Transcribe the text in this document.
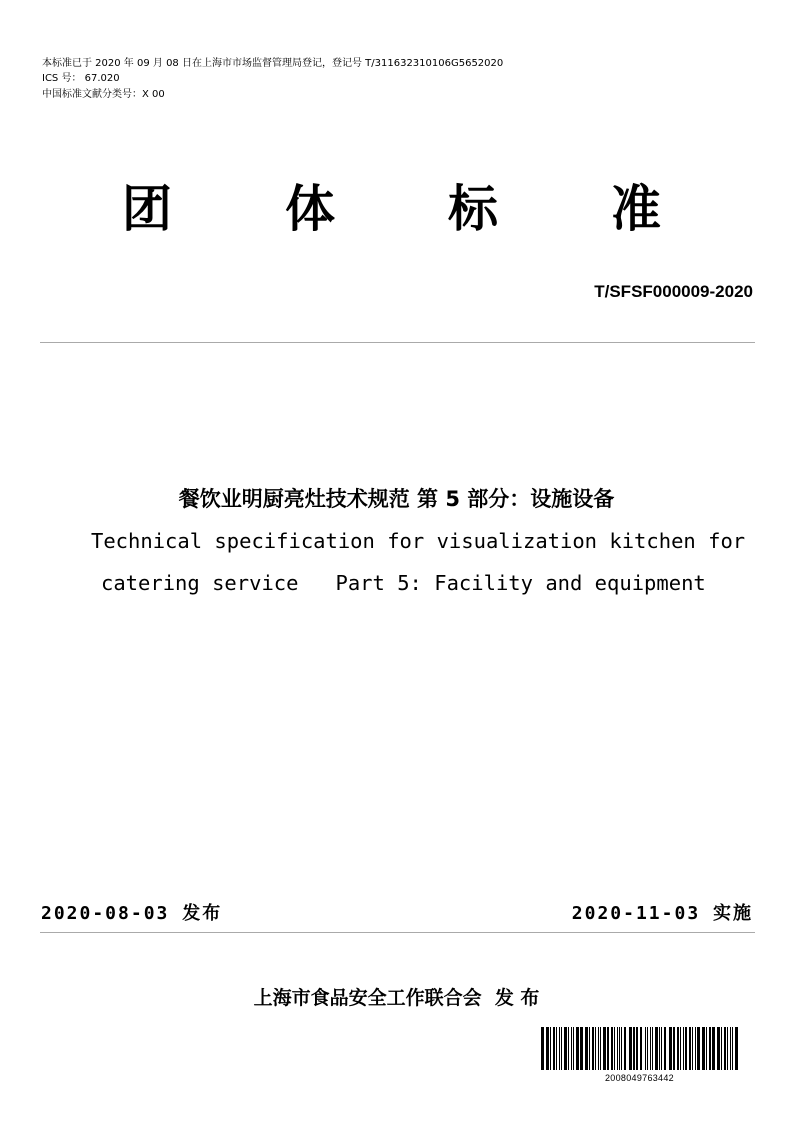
本标准已于 2020 年 09 月 08 日在上海市市场监督管理局登记，登记号 T/311632310106G5652020
ICS 号： 67.020
中国标准文献分类号：X 00
团 体 标 准
T/SFSF000009-2020
餐饮业明厨亮灶技术规范 第 5 部分：设施设备
Technical specification for visualization kitchen for
catering service   Part 5: Facility and equipment
2020-08-03 发布	2020-11-03 实施
上海市食品安全工作联合会 发 布
2008049763442
